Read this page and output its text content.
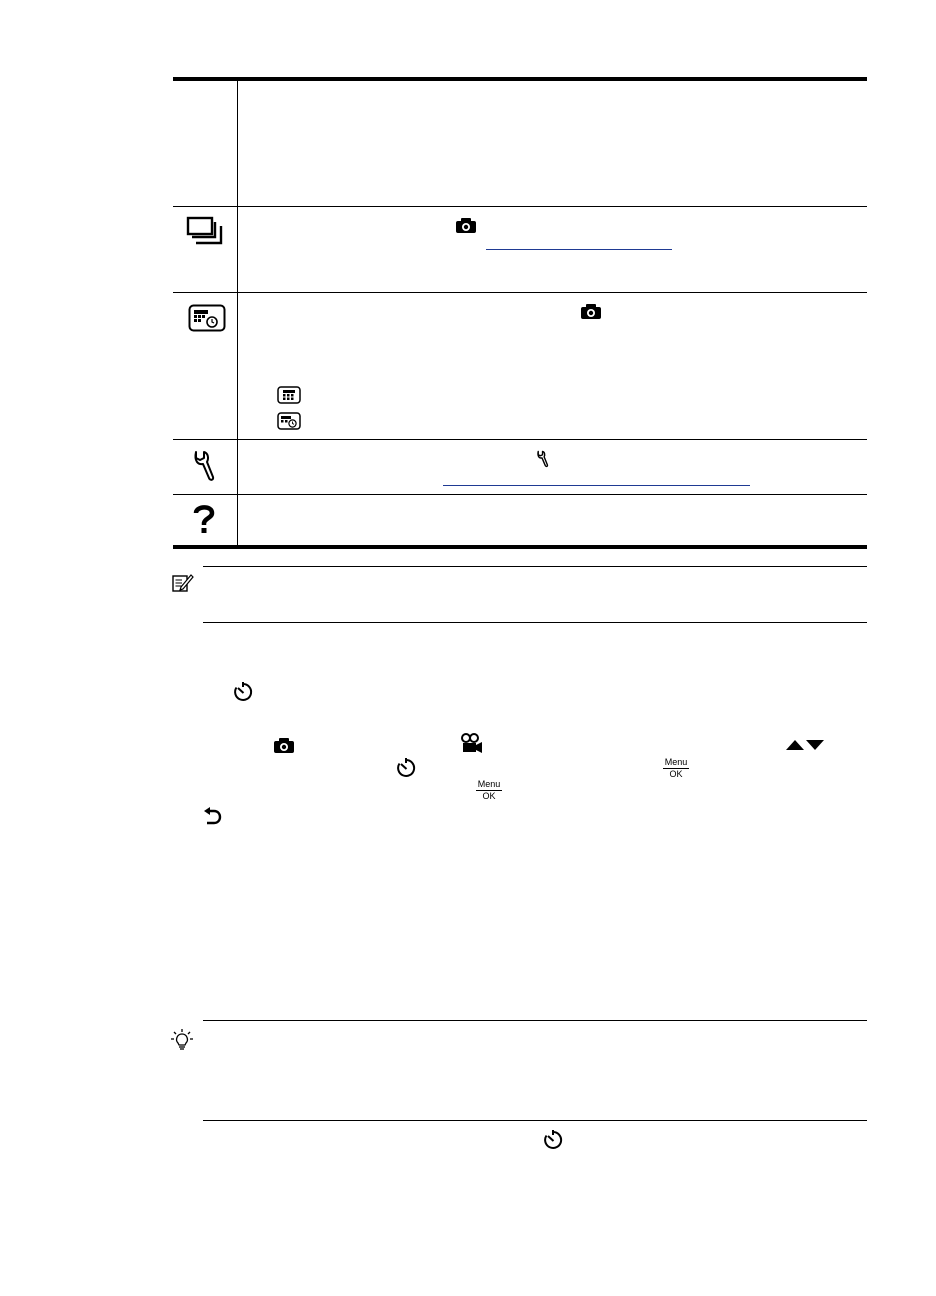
Menu
OK
Menu
OK
